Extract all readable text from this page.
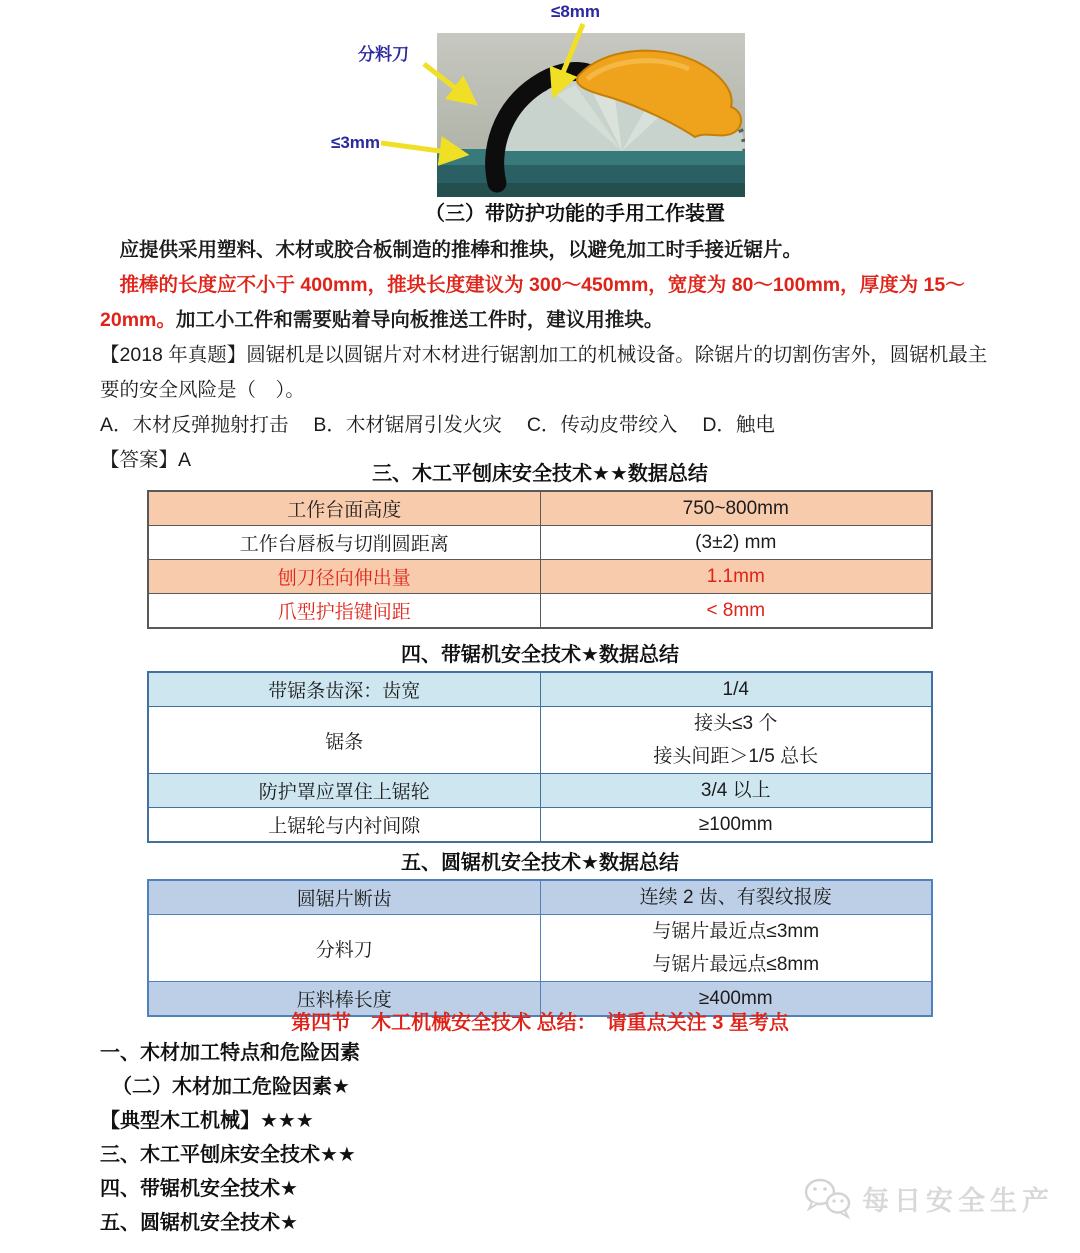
≤8mm
分料刀
≤3mm
（三）带防护功能的手用工作装置

应提供采用塑料、木材或胶合板制造的推棒和推块，以避免加工时手接近锯片。

推棒的长度应不小于 400mm，推块长度建议为 300～450mm，宽度为 80～100mm，厚度为 15～20mm。加工小工件和需要贴着导向板推送工件时，建议用推块。

【2018 年真题】圆锯机是以圆锯片对木材进行锯割加工的机械设备。除锯片的切割伤害外，圆锯机最主要的安全风险是（　）。

A．木材反弹抛射打击　 B．木材锯屑引发火灾　 C．传动皮带绞入　 D．触电

【答案】A

三、木工平刨床安全技术★★数据总结
工作台面高度	750~800mm

工作台唇板与切削圆距离	(3±2) mm

刨刀径向伸出量	1.1mm

爪型护指键间距	< 8mm
四、带锯机安全技术★数据总结
带锯条齿深：齿宽	1/4

锯条	接头≤3 个
接头间距＞1/5 总长

防护罩应罩住上锯轮	3/4 以上

上锯轮与内衬间隙	≥100mm
五、圆锯机安全技术★数据总结
圆锯片断齿	连续 2 齿、有裂纹报废

分料刀	与锯片最近点≤3mm
与锯片最远点≤8mm

压料棒长度	≥400mm
第四节　木工机械安全技术 总结：　请重点关注 3 星考点
一、木材加工特点和危险因素
（二）木材加工危险因素★
【典型木工机械】★★★
三、木工平刨床安全技术★★
四、带锯机安全技术★
五、圆锯机安全技术★
每日安全生产
